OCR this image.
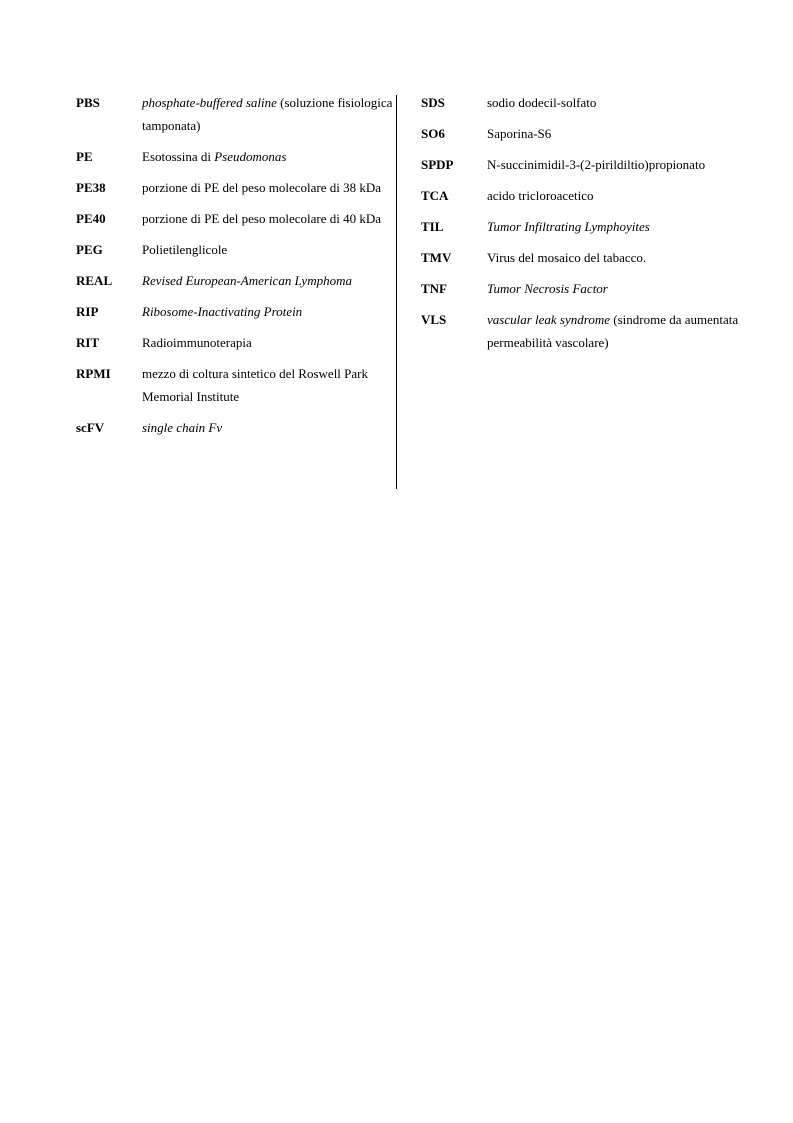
PBS	phosphate-buffered saline (soluzione fisiologica tamponata)
PE	Esotossina di Pseudomonas
PE38	porzione di PE del peso molecolare di 38 kDa
PE40	porzione di PE del peso molecolare di 40 kDa
PEG	Polietilenglicole
REAL	Revised European-American Lymphoma
RIP	Ribosome-Inactivating Protein
RIT	Radioimmunoterapia
RPMI	mezzo di coltura sintetico del Roswell Park Memorial Institute
scFV	single chain Fv
SDS	sodio dodecil-solfato
SO6	Saporina-S6
SPDP	N-succinimidil-3-(2-pirildiltio)propionato
TCA	acido tricloroacetico
TIL	Tumor Infiltrating Lymphoyites
TMV	Virus del mosaico del tabacco.
TNF	Tumor Necrosis Factor
VLS	vascular leak syndrome (sindrome da aumentata permeabilità vascolare)
